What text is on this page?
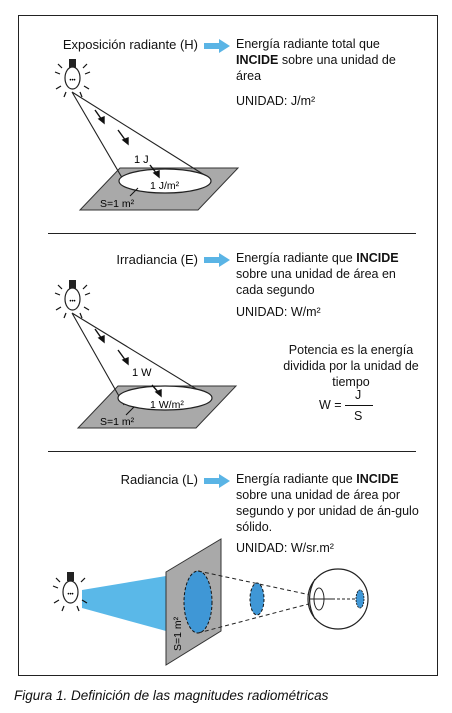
Exposición radiante (H)	Energía radiante total que INCIDE sobre una unidad de área
UNIDAD: J/m²
•••
1 J
1 J/m²
S=1 m²
Irradiancia (E)	Energía radiante que INCIDE sobre una unidad de área en cada segundo
UNIDAD: W/m²
Potencia es la energía dividida por la unidad de tiempo
W =
J
S
•••
1 W
1 W/m²
S=1 m²
Radiancia (L)	Energía radiante que INCIDE sobre una unidad de área por segundo y por unidad de án-gulo sólido.
UNIDAD: W/sr.m²
•••
S=1 m²
Figura 1. Definición de las magnitudes radiométricas
